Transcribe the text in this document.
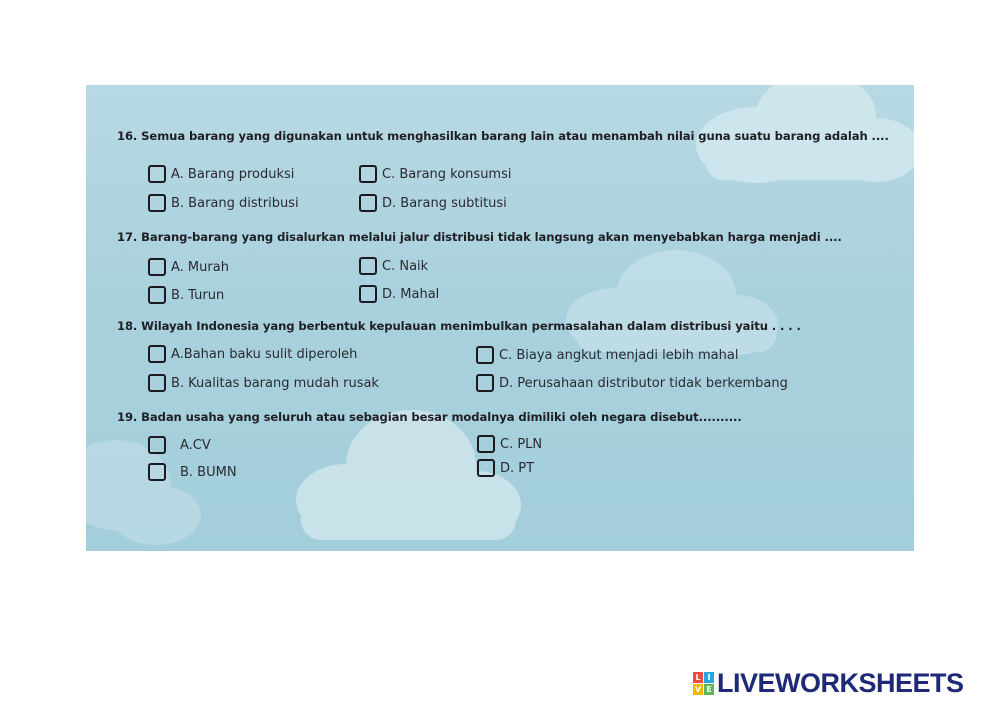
16. Semua barang yang digunakan untuk menghasilkan barang lain atau menambah nilai guna suatu barang adalah ....
A. Barang produksi	C. Barang konsumsi
B. Barang distribusi	D. Barang subtitusi
17. Barang-barang yang disalurkan melalui jalur distribusi tidak langsung akan menyebabkan harga menjadi ....
A. Murah	C. Naik
B. Turun	D. Mahal
18. Wilayah Indonesia yang berbentuk kepulauan menimbulkan permasalahan dalam distribusi yaitu . . . .
A.Bahan baku sulit diperoleh	C. Biaya angkut menjadi lebih mahal
B. Kualitas barang mudah rusak	D. Perusahaan distributor tidak berkembang
19. Badan usaha yang seluruh atau sebagian besar modalnya dimiliki oleh negara disebut..........
A.CV	C. PLN
B. BUMN	D. PT
L I
V E LIVEWORKSHEETS
